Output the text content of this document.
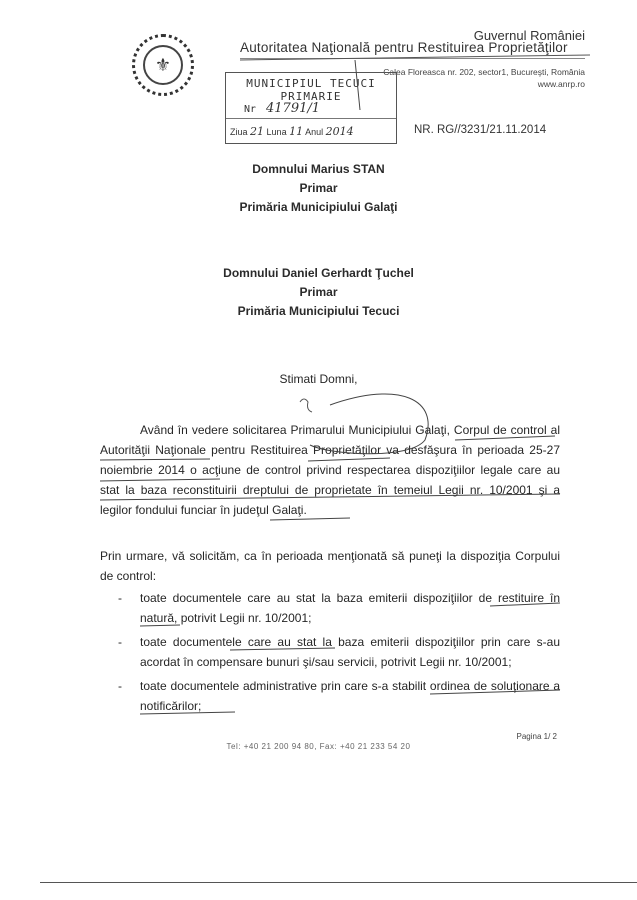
⚜
Guvernul României
Autoritatea Naţională pentru Restituirea Proprietăţilor
Calea Floreasca nr. 202, sector1, Bucureşti, România
www.anrp.ro
MUNICIPIUL TECUCI
PRIMARIE
Nr 41791/1
Ziua 21 Luna 11 Anul 2014	NR. RG//3231/21.11.2014
Domnului Marius STAN
Primar
Primăria Municipiului Galaţi
Domnului Daniel Gerhardt Ţuchel
Primar
Primăria Municipiului Tecuci
Stimati Domni,

Având în vedere solicitarea Primarului Municipiului Galaţi, Corpul de control al Autorităţii Naţionale pentru Restituirea Proprietăţilor va desfăşura în perioada 25-27 noiembrie 2014 o acţiune de control privind respectarea dispoziţiilor legale care au stat la baza reconstituirii dreptului de proprietate în temeiul Legii nr. 10/2001 şi a legilor fondului funciar în judeţul Galaţi.

Prin urmare, vă solicităm, ca în perioada menţionată să puneţi la dispoziţia Corpului de control:

- toate documentele care au stat la baza emiterii dispoziţiilor de restituire în natură, potrivit Legii nr. 10/2001;
- toate documentele care au stat la baza emiterii dispoziţiilor prin care s-au acordat în compensare bunuri şi/sau servicii, potrivit Legii nr. 10/2001;
- toate documentele administrative prin care s-a stabilit ordinea de soluţionare a notificărilor;
Pagina 1/ 2
Tel: +40 21 200 94 80, Fax: +40 21 233 54 20
